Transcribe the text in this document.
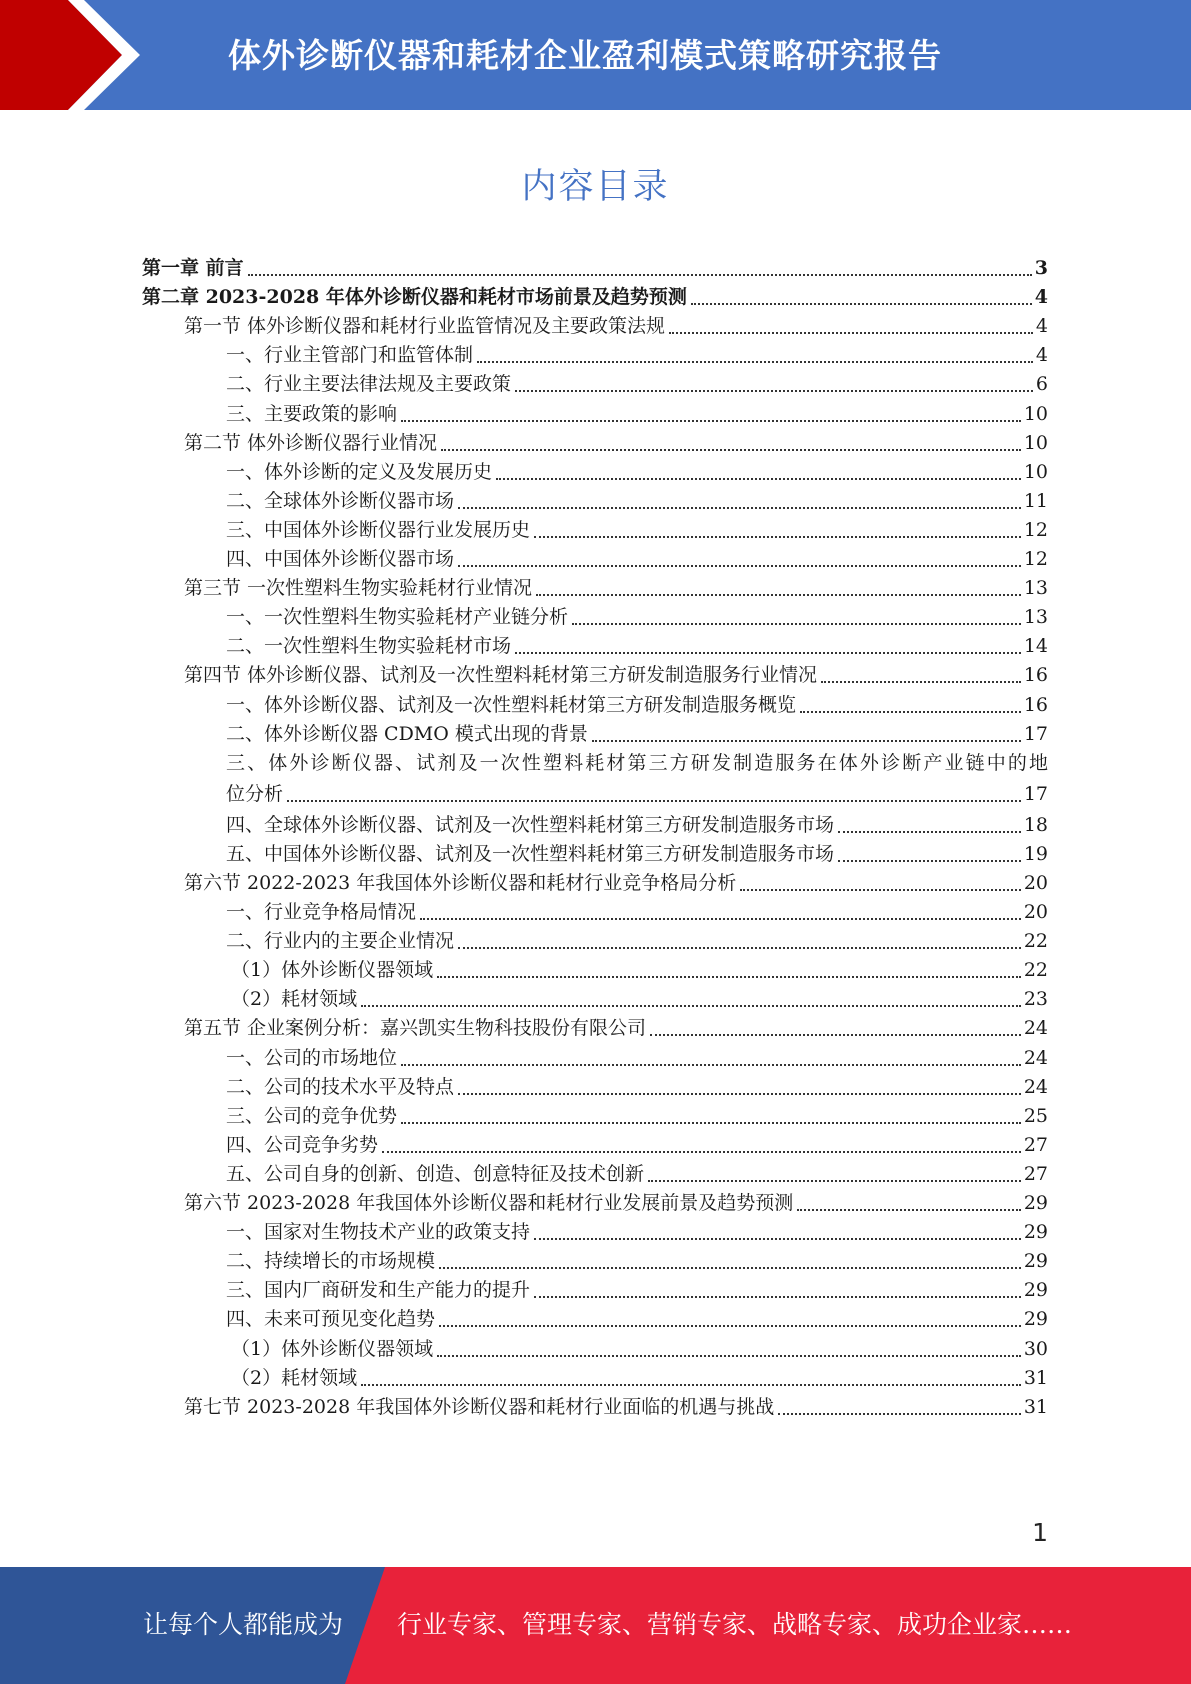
体外诊断仪器和耗材企业盈利模式策略研究报告
内容目录
第一章 前言	3
第二章 2023-2028 年体外诊断仪器和耗材市场前景及趋势预测	4
第一节 体外诊断仪器和耗材行业监管情况及主要政策法规	4
一、行业主管部门和监管体制	4
二、行业主要法律法规及主要政策	6
三、主要政策的影响	10
第二节 体外诊断仪器行业情况	10
一、体外诊断的定义及发展历史	10
二、全球体外诊断仪器市场	11
三、中国体外诊断仪器行业发展历史	12
四、中国体外诊断仪器市场	12
第三节 一次性塑料生物实验耗材行业情况	13
一、一次性塑料生物实验耗材产业链分析	13
二、一次性塑料生物实验耗材市场	14
第四节 体外诊断仪器、试剂及一次性塑料耗材第三方研发制造服务行业情况	16
一、体外诊断仪器、试剂及一次性塑料耗材第三方研发制造服务概览	16
二、体外诊断仪器 CDMO 模式出现的背景	17
三、体外诊断仪器、试剂及一次性塑料耗材第三方研发制造服务在体外诊断产业链中的地
位分析	17
四、全球体外诊断仪器、试剂及一次性塑料耗材第三方研发制造服务市场	18
五、中国体外诊断仪器、试剂及一次性塑料耗材第三方研发制造服务市场	19
第六节 2022-2023 年我国体外诊断仪器和耗材行业竞争格局分析	20
一、行业竞争格局情况	20
二、行业内的主要企业情况	22
（1）体外诊断仪器领域	22
（2）耗材领域	23
第五节 企业案例分析：嘉兴凯实生物科技股份有限公司	24
一、公司的市场地位	24
二、公司的技术水平及特点	24
三、公司的竞争优势	25
四、公司竞争劣势	27
五、公司自身的创新、创造、创意特征及技术创新	27
第六节 2023-2028 年我国体外诊断仪器和耗材行业发展前景及趋势预测	29
一、国家对生物技术产业的政策支持	29
二、持续增长的市场规模	29
三、国内厂商研发和生产能力的提升	29
四、未来可预见变化趋势	29
（1）体外诊断仪器领域	30
（2）耗材领域	31
第七节 2023-2028 年我国体外诊断仪器和耗材行业面临的机遇与挑战	31
1
让每个人都能成为 行业专家、管理专家、营销专家、战略专家、成功企业家……
